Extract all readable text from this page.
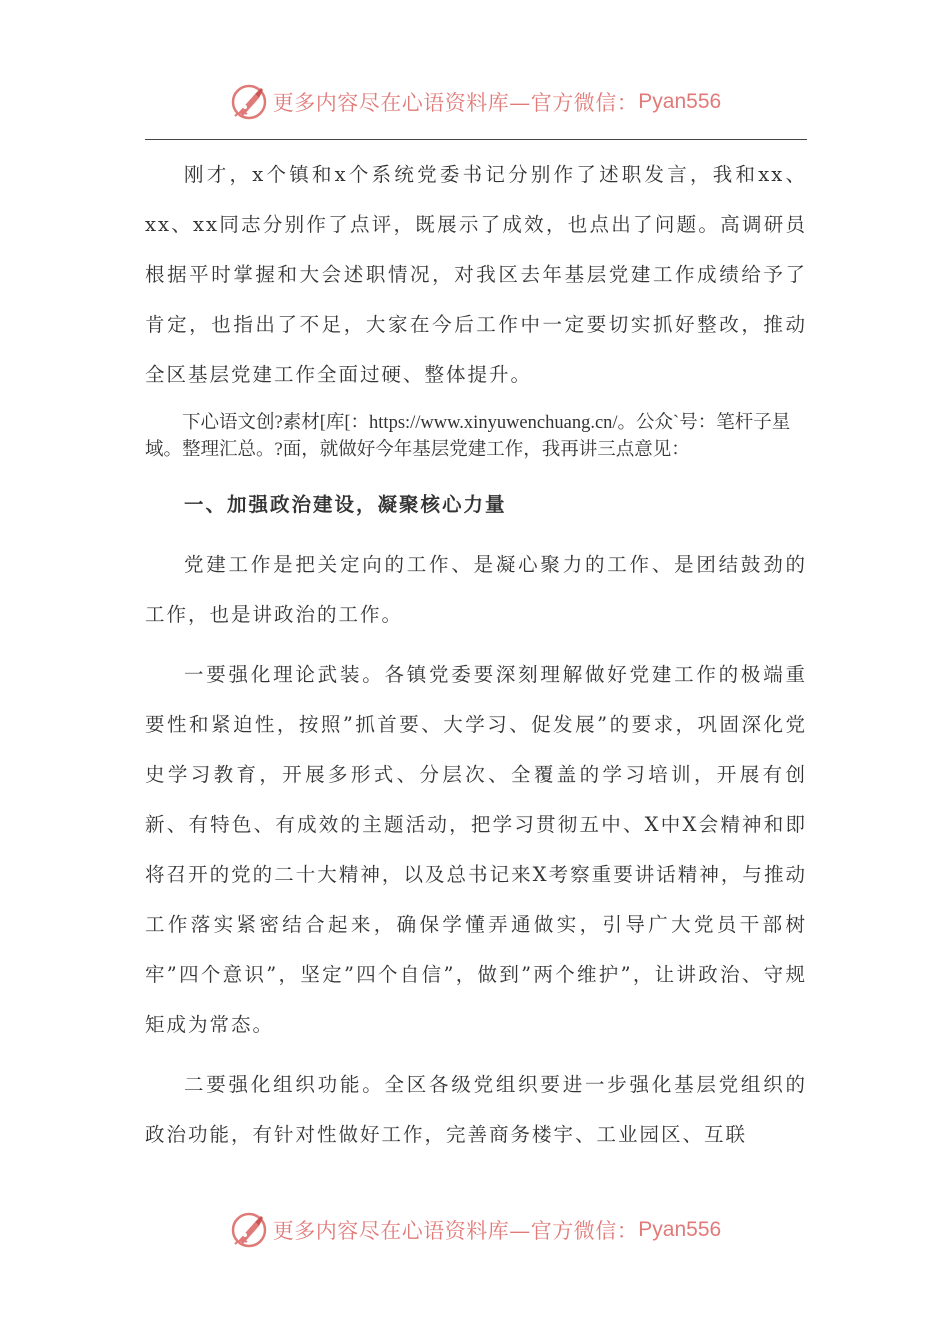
更多内容尽在心语资料库—官方微信： Pyan556

刚才，x个镇和x个系统党委书记分别作了述职发言，我和xx、xx、xx同志分别作了点评，既展示了成效，也点出了问题。高调研员根据平时掌握和大会述职情况，对我区去年基层党建工作成绩给予了肯定，也指出了不足，大家在今后工作中一定要切实抓好整改，推动全区基层党建工作全面过硬、整体提升。

下心语文创?素材[库[：https://www.xinyuwenchuang.cn/。公众`号：笔杆子星域。整理汇总。?面，就做好今年基层党建工作，我再讲三点意见：

一、加强政治建设，凝聚核心力量

党建工作是把关定向的工作、是凝心聚力的工作、是团结鼓劲的工作，也是讲政治的工作。

一要强化理论武装。各镇党委要深刻理解做好党建工作的极端重要性和紧迫性，按照”抓首要、大学习、促发展”的要求，巩固深化党史学习教育，开展多形式、分层次、全覆盖的学习培训，开展有创新、有特色、有成效的主题活动，把学习贯彻五中、X中X会精神和即将召开的党的二十大精神，以及总书记来X考察重要讲话精神，与推动工作落实紧密结合起来，确保学懂弄通做实，引导广大党员干部树牢”四个意识”，坚定”四个自信”，做到”两个维护”，让讲政治、守规矩成为常态。

二要强化组织功能。全区各级党组织要进一步强化基层党组织的政治功能，有针对性做好工作，完善商务楼宇、工业园区、互联

更多内容尽在心语资料库—官方微信： Pyan556
